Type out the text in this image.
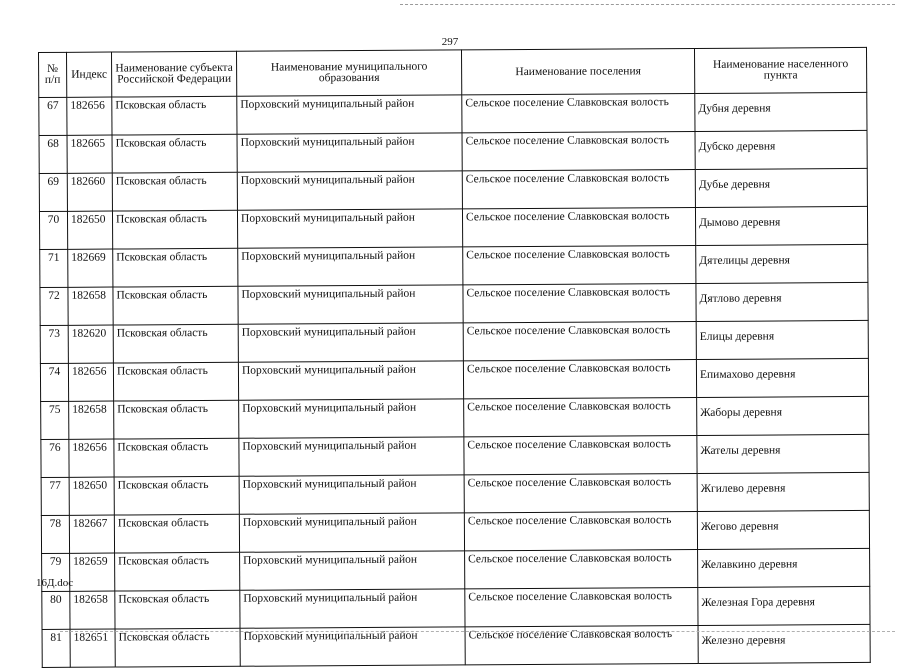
297
№ п/п	Индекс	Наименование субъекта Российской Федерации	Наименование муниципального образования	Наименование поселения	Наименование населенного пункта
67	182656	Псковская область	Порховский муниципальный район	Сельское поселение Славковская волость	Дубня деревня
68	182665	Псковская область	Порховский муниципальный район	Сельское поселение Славковская волость	Дубско деревня
69	182660	Псковская область	Порховский муниципальный район	Сельское поселение Славковская волость	Дубье деревня
70	182650	Псковская область	Порховский муниципальный район	Сельское поселение Славковская волость	Дымово деревня
71	182669	Псковская область	Порховский муниципальный район	Сельское поселение Славковская волость	Дятелицы деревня
72	182658	Псковская область	Порховский муниципальный район	Сельское поселение Славковская волость	Дятлово деревня
73	182620	Псковская область	Порховский муниципальный район	Сельское поселение Славковская волость	Елицы деревня
74	182656	Псковская область	Порховский муниципальный район	Сельское поселение Славковская волость	Епимахово деревня
75	182658	Псковская область	Порховский муниципальный район	Сельское поселение Славковская волость	Жаборы деревня
76	182656	Псковская область	Порховский муниципальный район	Сельское поселение Славковская волость	Жателы деревня
77	182650	Псковская область	Порховский муниципальный район	Сельское поселение Славковская волость	Жгилево деревня
78	182667	Псковская область	Порховский муниципальный район	Сельское поселение Славковская волость	Жегово деревня
79	182659	Псковская область	Порховский муниципальный район	Сельское поселение Славковская волость	Желавкино деревня
80	182658	Псковская область	Порховский муниципальный район	Сельское поселение Славковская волость	Железная Гора деревня
81	182651	Псковская область	Порховский муниципальный район	Сельское поселение Славковская волость	Железно деревня
16Д.doc
